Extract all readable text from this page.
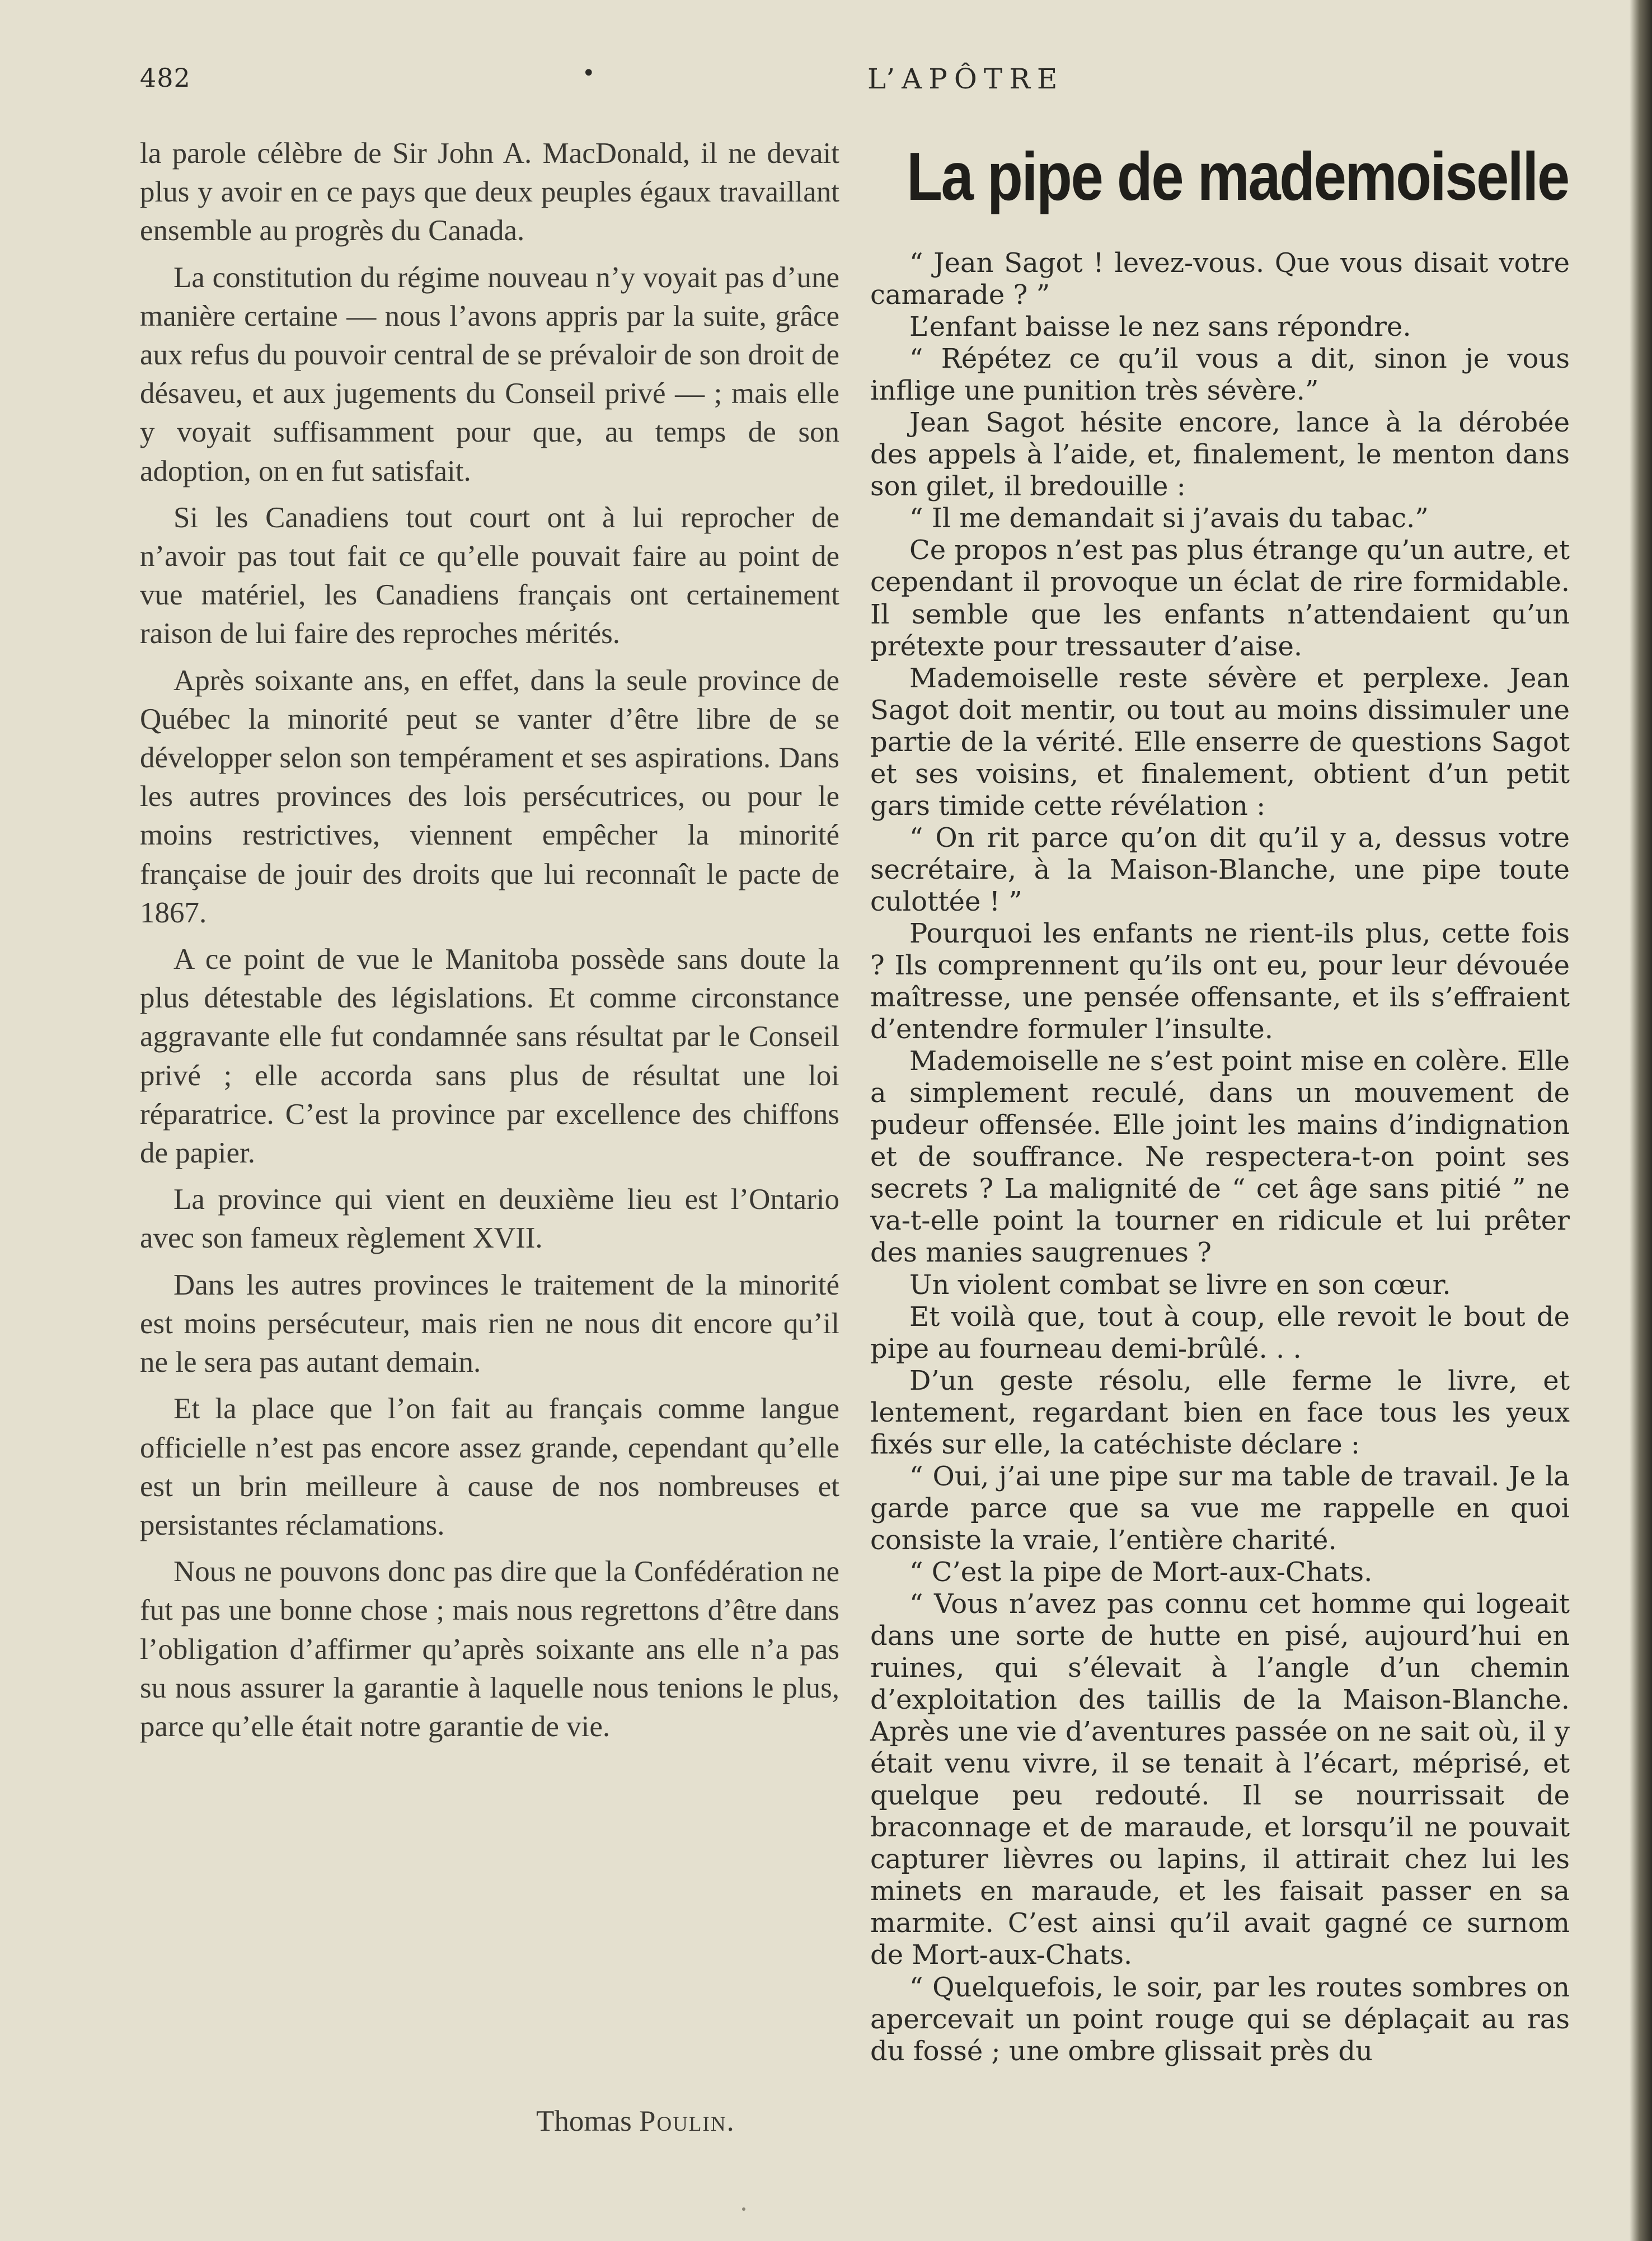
482	•	L’APÔTRE

la parole célèbre de Sir John A. MacDonald, il ne devait plus y avoir en ce pays que deux peuples égaux travaillant ensemble au progrès du Canada.

La constitution du régime nouveau n’y voyait pas d’une manière certaine — nous l’avons appris par la suite, grâce aux refus du pouvoir central de se prévaloir de son droit de désaveu, et aux jugements du Conseil privé — ; mais elle y voyait suffisamment pour que, au temps de son adoption, on en fut satisfait.

Si les Canadiens tout court ont à lui reprocher de n’avoir pas tout fait ce qu’elle pouvait faire au point de vue matériel, les Canadiens français ont certainement raison de lui faire des reproches mérités.

Après soixante ans, en effet, dans la seule province de Québec la minorité peut se vanter d’être libre de se développer selon son tempérament et ses aspirations. Dans les autres provinces des lois persécutrices, ou pour le moins restrictives, viennent empêcher la minorité française de jouir des droits que lui reconnaît le pacte de 1867.

A ce point de vue le Manitoba possède sans doute la plus détestable des législations. Et comme circonstance aggravante elle fut condamnée sans résultat par le Conseil privé ; elle accorda sans plus de résultat une loi réparatrice. C’est la province par excellence des chiffons de papier.

La province qui vient en deuxième lieu est l’Ontario avec son fameux règlement XVII.

Dans les autres provinces le traitement de la minorité est moins persécuteur, mais rien ne nous dit encore qu’il ne le sera pas autant demain.

Et la place que l’on fait au français comme langue officielle n’est pas encore assez grande, cependant qu’elle est un brin meilleure à cause de nos nombreuses et persistantes réclamations.

Nous ne pouvons donc pas dire que la Confédération ne fut pas une bonne chose ; mais nous regrettons d’être dans l’obligation d’affirmer qu’après soixante ans elle n’a pas su nous assurer la garantie à laquelle nous tenions le plus, parce qu’elle était notre garantie de vie.

Thomas Poulin.
La pipe de mademoiselle

“ Jean Sagot ! levez-vous. Que vous disait votre camarade ? ”

L’enfant baisse le nez sans répondre.

“ Répétez ce qu’il vous a dit, sinon je vous inflige une punition très sévère.”

Jean Sagot hésite encore, lance à la dérobée des appels à l’aide, et, finalement, le menton dans son gilet, il bredouille :

“ Il me demandait si j’avais du tabac.”

Ce propos n’est pas plus étrange qu’un autre, et cependant il provoque un éclat de rire formidable. Il semble que les enfants n’attendaient qu’un prétexte pour tressauter d’aise.

Mademoiselle reste sévère et perplexe. Jean Sagot doit mentir, ou tout au moins dissimuler une partie de la vérité. Elle enserre de questions Sagot et ses voisins, et finalement, obtient d’un petit gars timide cette révélation :

“ On rit parce qu’on dit qu’il y a, dessus votre secrétaire, à la Maison-Blanche, une pipe toute culottée ! ”

Pourquoi les enfants ne rient-ils plus, cette fois ? Ils comprennent qu’ils ont eu, pour leur dévouée maîtresse, une pensée offensante, et ils s’effraient d’entendre formuler l’insulte.

Mademoiselle ne s’est point mise en colère. Elle a simplement reculé, dans un mouvement de pudeur offensée. Elle joint les mains d’indignation et de souffrance. Ne respectera-t-on point ses secrets ? La malignité de “ cet âge sans pitié ” ne va-t-elle point la tourner en ridicule et lui prêter des manies saugrenues ?

Un violent combat se livre en son cœur.

Et voilà que, tout à coup, elle revoit le bout de pipe au fourneau demi-brûlé. . .

D’un geste résolu, elle ferme le livre, et lentement, regardant bien en face tous les yeux fixés sur elle, la catéchiste déclare :

“ Oui, j’ai une pipe sur ma table de travail. Je la garde parce que sa vue me rappelle en quoi consiste la vraie, l’entière charité.

“ C’est la pipe de Mort-aux-Chats.

“ Vous n’avez pas connu cet homme qui logeait dans une sorte de hutte en pisé, aujourd’hui en ruines, qui s’élevait à l’angle d’un chemin d’exploitation des taillis de la Maison-Blanche. Après une vie d’aventures passée on ne sait où, il y était venu vivre, il se tenait à l’écart, méprisé, et quelque peu redouté. Il se nourrissait de braconnage et de maraude, et lorsqu’il ne pouvait capturer lièvres ou lapins, il attirait chez lui les minets en maraude, et les faisait passer en sa marmite. C’est ainsi qu’il avait gagné ce surnom de Mort-aux-Chats.

“ Quelquefois, le soir, par les routes sombres on apercevait un point rouge qui se déplaçait au ras du fossé ; une ombre glissait près du
